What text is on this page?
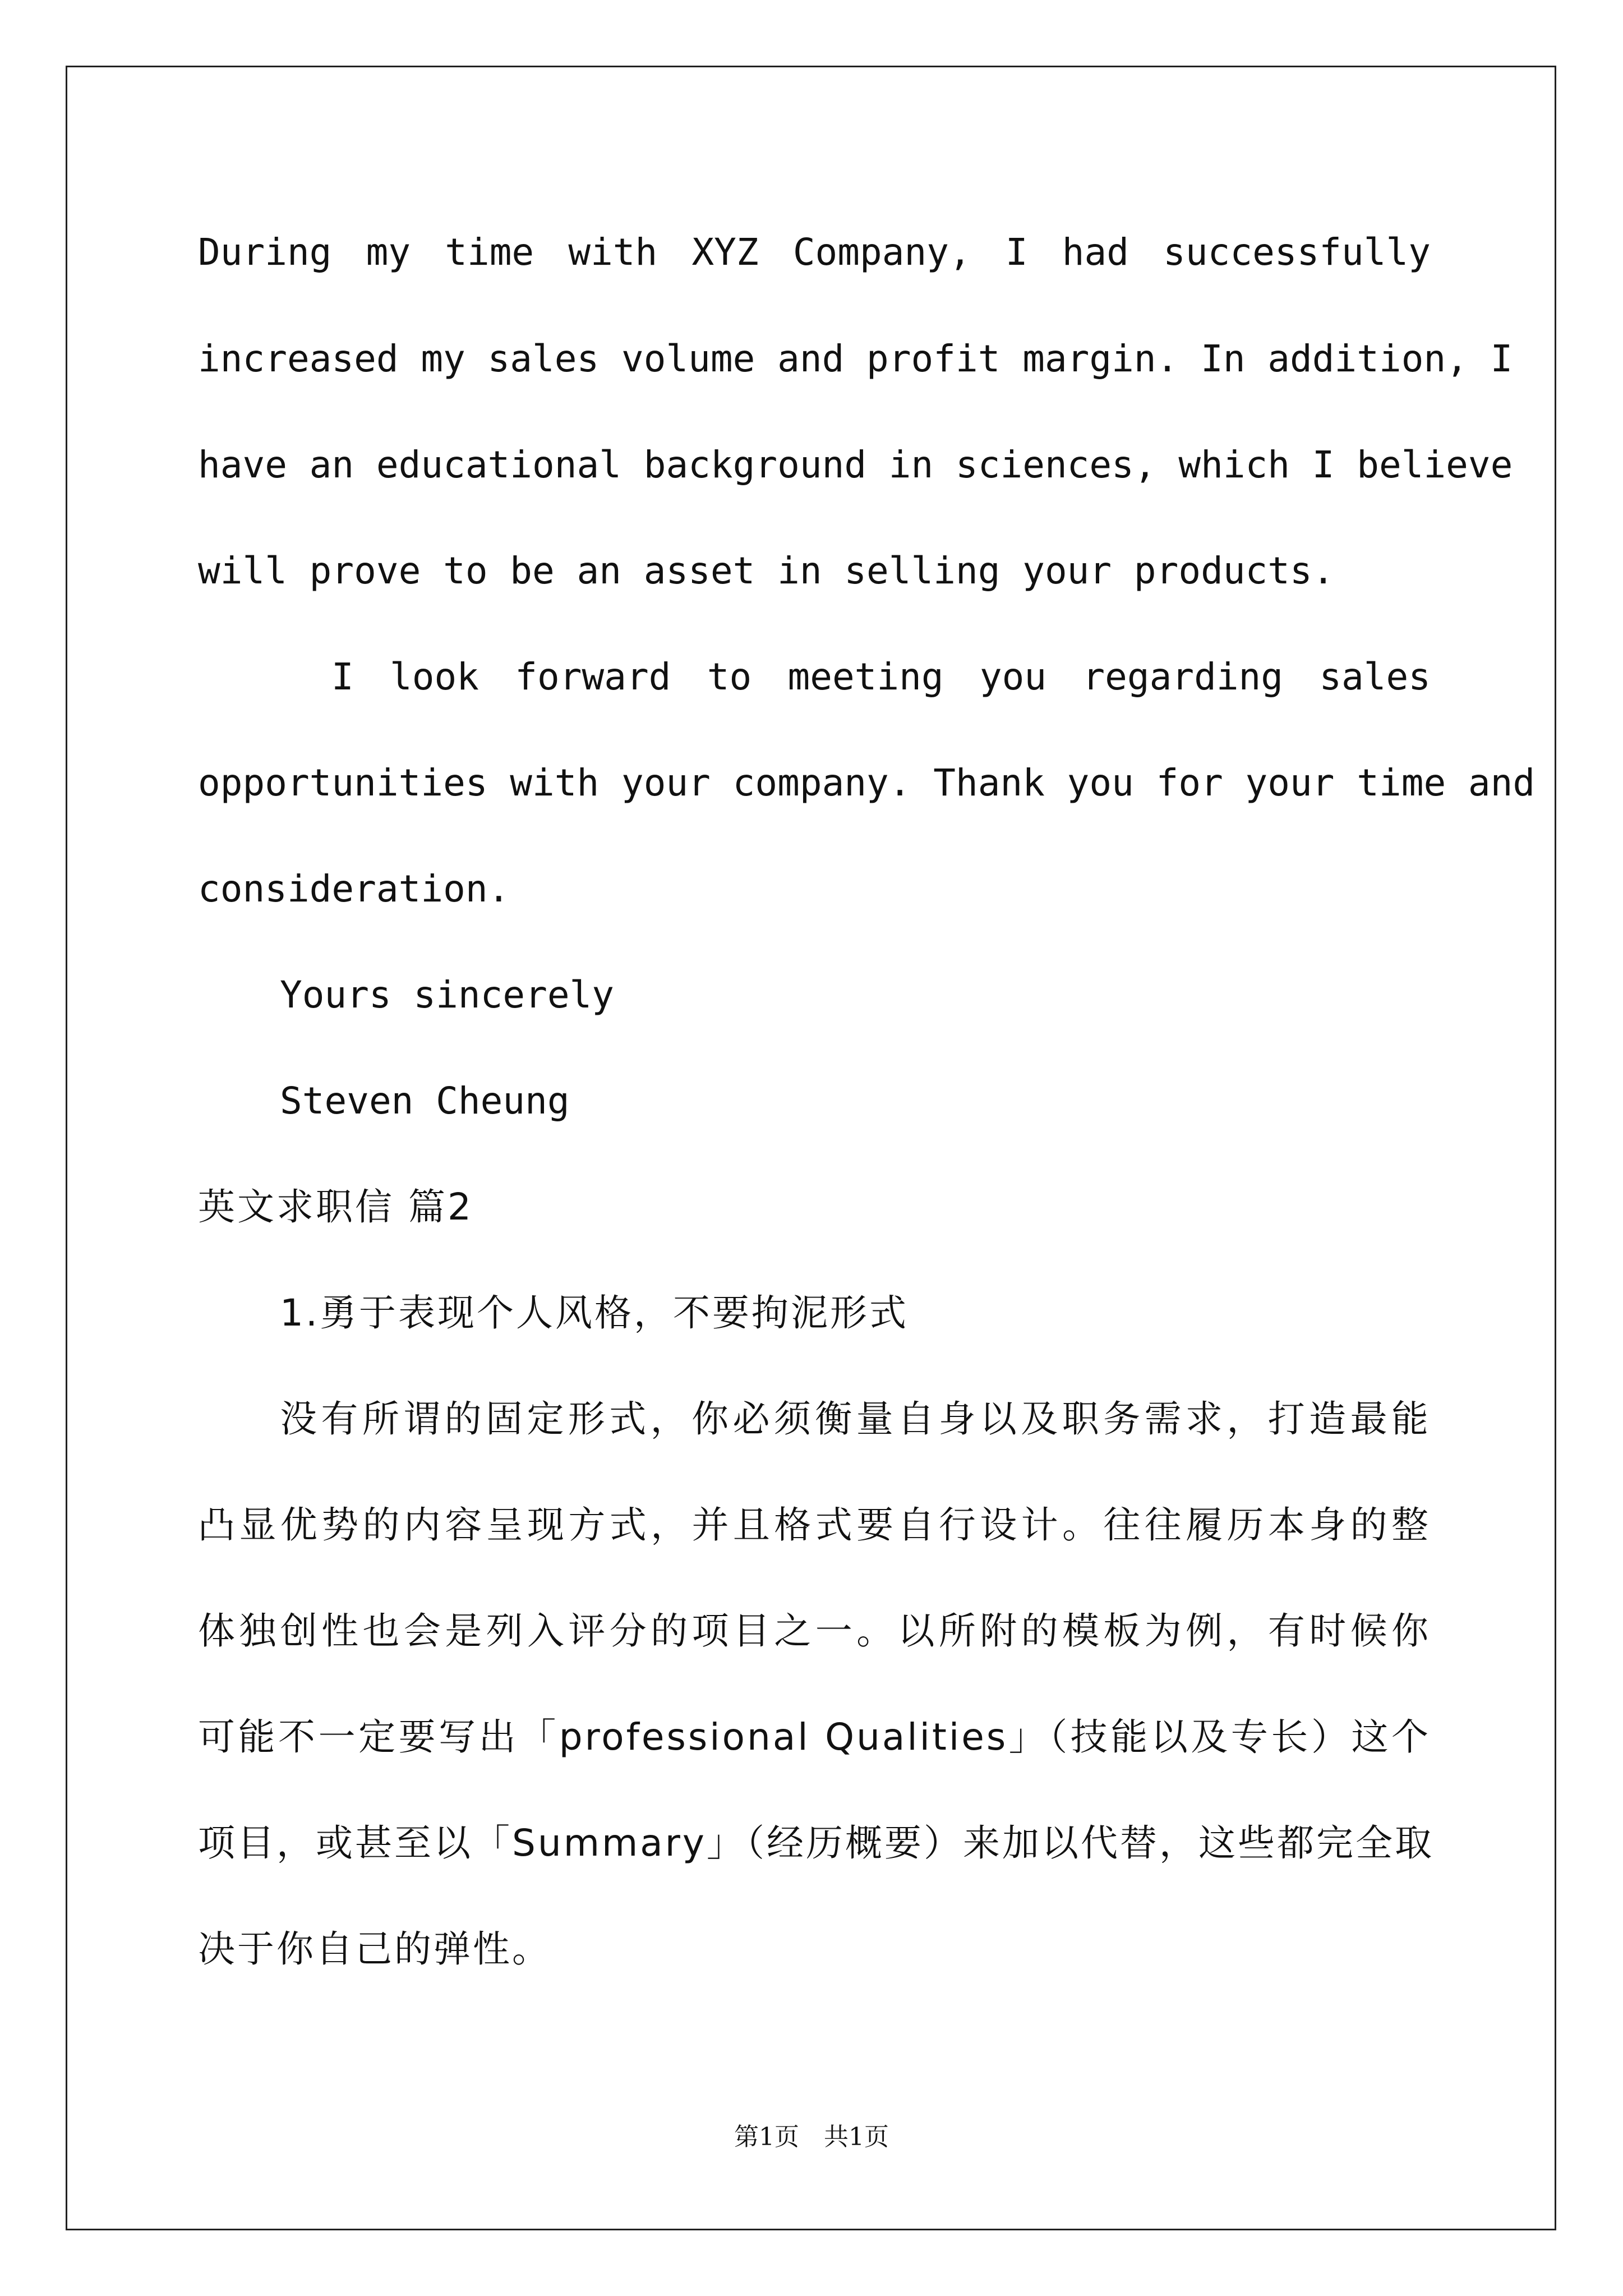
During my time with XYZ Company, I had successfully
increased my sales volume and profit margin. In addition, I
have an educational background in sciences, which I believe
will prove to be an asset in selling your products.
I look forward to meeting you regarding sales
opportunities with your company. Thank you for your time and
consideration.
Yours sincerely
Steven Cheung
英文求职信 篇2
1.勇于表现个人风格，不要拘泥形式
没有所谓的固定形式，你必须衡量自身以及职务需求，打造最能
凸显优势的内容呈现方式，并且格式要自行设计。往往履历本身的整
体独创性也会是列入评分的项目之一。以所附的模板为例，有时候你
可能不一定要写出「professional Qualities」（技能以及专长）这个
项目，或甚至以「Summary」（经历概要）来加以代替，这些都完全取
决于你自己的弹性。
第1页　共1页
